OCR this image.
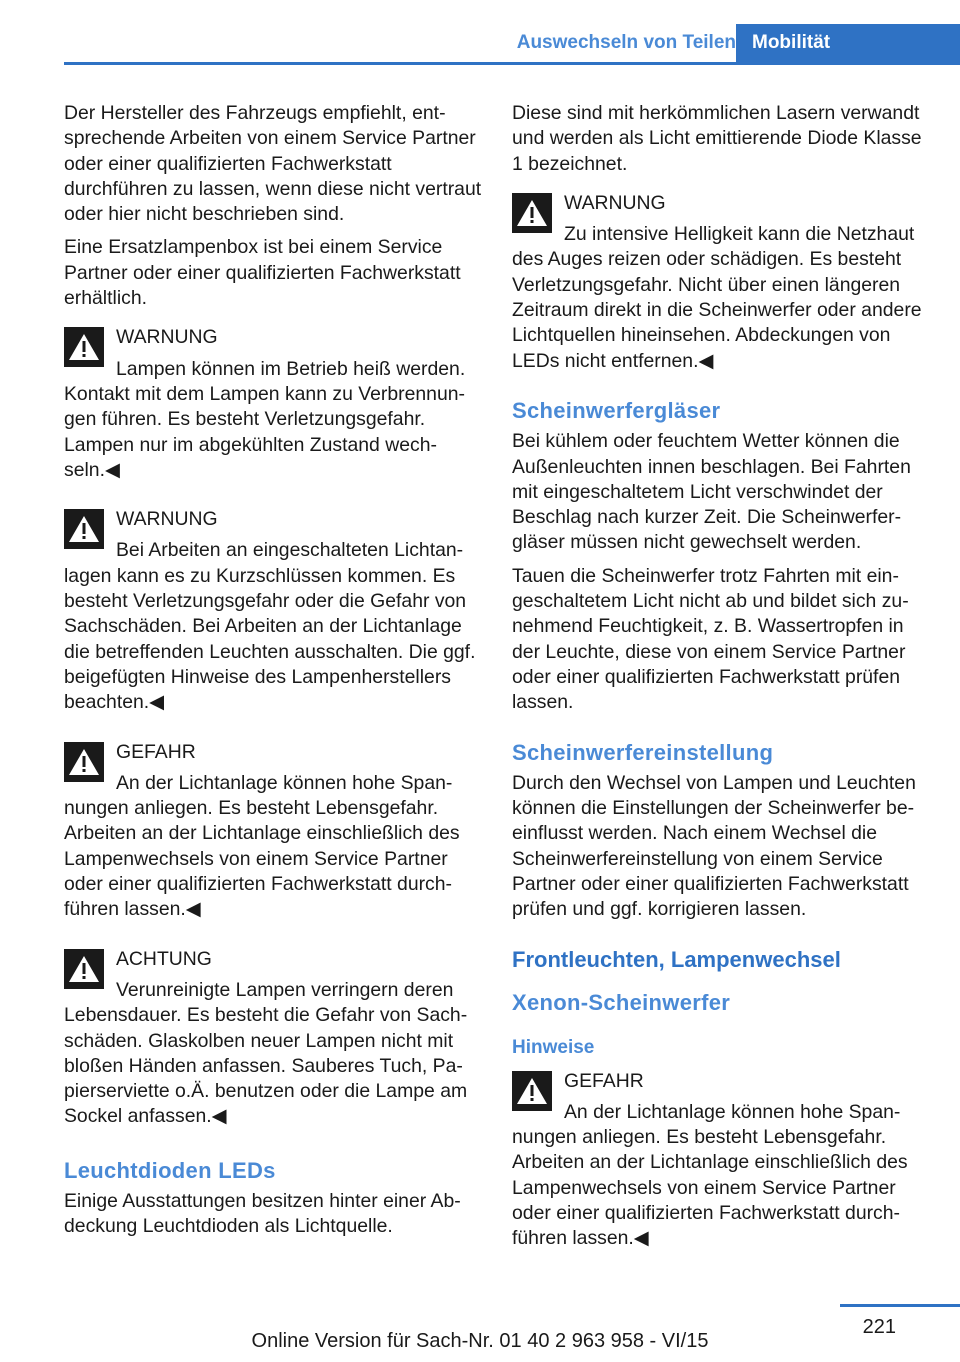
Auswechseln von Teilen Mobilität

Der Hersteller des Fahrzeugs empfiehlt, entsprechende Arbeiten von einem Service Partner oder einer qualifizierten Fachwerkstatt durchführen zu lassen, wenn diese nicht vertraut oder hier nicht beschrieben sind.

Eine Ersatzlampenbox ist bei einem Service Partner oder einer qualifizierten Fachwerkstatt erhältlich.

WARNUNG

Lampen können im Betrieb heiß werden. Kontakt mit dem Lampen kann zu Verbrennungen führen. Es besteht Verletzungsgefahr. Lampen nur im abgekühlten Zustand wechseln.◀

WARNUNG

Bei Arbeiten an eingeschalteten Lichtanlagen kann es zu Kurzschlüssen kommen. Es besteht Verletzungsgefahr oder die Gefahr von Sachschäden. Bei Arbeiten an der Lichtanlage die betreffenden Leuchten ausschalten. Die ggf. beigefügten Hinweise des Lampenherstellers beachten.◀

GEFAHR

An der Lichtanlage können hohe Spannungen anliegen. Es besteht Lebensgefahr. Arbeiten an der Lichtanlage einschließlich des Lampenwechsels von einem Service Partner oder einer qualifizierten Fachwerkstatt durchführen lassen.◀

ACHTUNG

Verunreinigte Lampen verringern deren Lebensdauer. Es besteht die Gefahr von Sachschäden. Glaskolben neuer Lampen nicht mit bloßen Händen anfassen. Sauberes Tuch, Papierserviette o.Ä. benutzen oder die Lampe am Sockel anfassen.◀

Leuchtdioden LEDs

Einige Ausstattungen besitzen hinter einer Abdeckung Leuchtdioden als Lichtquelle.

Diese sind mit herkömmlichen Lasern verwandt und werden als Licht emittierende Diode Klasse 1 bezeichnet.

WARNUNG

Zu intensive Helligkeit kann die Netzhaut des Auges reizen oder schädigen. Es besteht Verletzungsgefahr. Nicht über einen längeren Zeitraum direkt in die Scheinwerfer oder andere Lichtquellen hineinsehen. Abdeckungen von LEDs nicht entfernen.◀

Scheinwerfergläser

Bei kühlem oder feuchtem Wetter können die Außenleuchten innen beschlagen. Bei Fahrten mit eingeschaltetem Licht verschwindet der Beschlag nach kurzer Zeit. Die Scheinwerfergläser müssen nicht gewechselt werden.

Tauen die Scheinwerfer trotz Fahrten mit eingeschaltetem Licht nicht ab und bildet sich zunehmend Feuchtigkeit, z. B. Wassertropfen in der Leuchte, diese von einem Service Partner oder einer qualifizierten Fachwerkstatt prüfen lassen.

Scheinwerfereinstellung

Durch den Wechsel von Lampen und Leuchten können die Einstellungen der Scheinwerfer beeinflusst werden. Nach einem Wechsel die Scheinwerfereinstellung von einem Service Partner oder einer qualifizierten Fachwerkstatt prüfen und ggf. korrigieren lassen.

Frontleuchten, Lampenwechsel
Xenon-Scheinwerfer
Hinweise
GEFAHR

An der Lichtanlage können hohe Spannungen anliegen. Es besteht Lebensgefahr. Arbeiten an der Lichtanlage einschließlich des Lampenwechsels von einem Service Partner oder einer qualifizierten Fachwerkstatt durchführen lassen.◀

221
Online Version für Sach-Nr. 01 40 2 963 958 - VI/15
